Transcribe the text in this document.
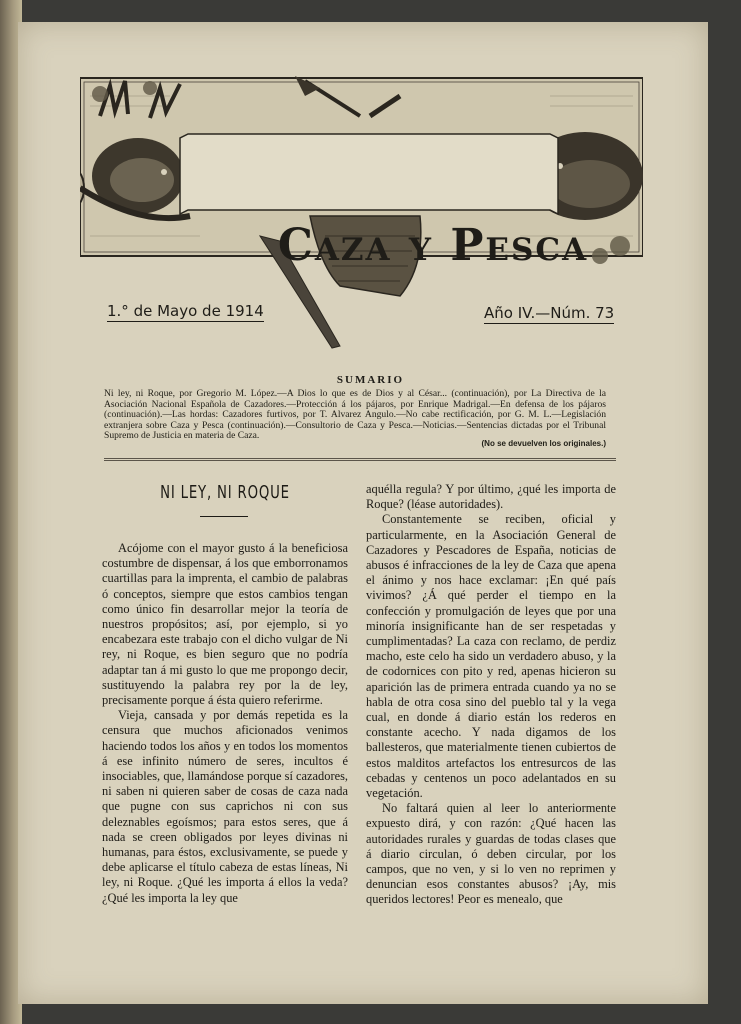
Caza y Pesca
1.° de Mayo de 1914	Año IV.—Núm. 73
SUMARIO

Ni ley, ni Roque, por Gregorio M. López.—A Dios lo que es de Dios y al César... (continuación), por La Directiva de la Asociación Nacional Española de Cazadores.—Protección á los pájaros, por Enrique Madrigal.—En defensa de los pájaros (continuación).—Las hordas: Cazadores furtivos, por T. Alvarez Angulo.—No cabe rectificación, por G. M. L.—Legislación extranjera sobre Caza y Pesca (continuación).—Consultorio de Caza y Pesca.—Noticias.—Sentencias dictadas por el Tribunal Supremo de Justicia en materia de Caza.

(No se devuelven los originales.)
NI LEY, NI ROQUE

Acójome con el mayor gusto á la beneficiosa costumbre de dispensar, á los que emborronamos cuartillas para la imprenta, el cambio de palabras ó conceptos, siempre que estos cambios tengan como único fin desarrollar mejor la teoría de nuestros propósitos; así, por ejemplo, si yo encabezara este trabajo con el dicho vulgar de Ni rey, ni Roque, es bien seguro que no podría adaptar tan á mi gusto lo que me propongo decir, sustituyendo la palabra rey por la de ley, precisamente porque á ésta quiero referirme.

Vieja, cansada y por demás repetida es la censura que muchos aficionados venimos haciendo todos los años y en todos los momentos á ese infinito número de seres, incultos é insociables, que, llamándose porque sí cazadores, ni saben ni quieren saber de cosas de caza nada que pugne con sus caprichos ni con sus deleznables egoísmos; para estos seres, que á nada se creen obligados por leyes divinas ni humanas, para éstos, exclusivamente, se puede y debe aplicarse el título cabeza de estas líneas, Ni ley, ni Roque. ¿Qué les importa á ellos la veda? ¿Qué les importa la ley que

aquélla regula? Y por último, ¿qué les importa de Roque? (léase autoridades).

Constantemente se reciben, oficial y particularmente, en la Asociación General de Cazadores y Pescadores de España, noticias de abusos é infracciones de la ley de Caza que apena el ánimo y nos hace exclamar: ¡En qué país vivimos? ¿Á qué perder el tiempo en la confección y promulgación de leyes que por una minoría insignificante han de ser respetadas y cumplimentadas? La caza con reclamo, de perdiz macho, este celo ha sido un verdadero abuso, y la de codornices con pito y red, apenas hicieron su aparición las de primera entrada cuando ya no se habla de otra cosa sino del pueblo tal y la vega cual, en donde á diario están los rederos en constante acecho. Y nada digamos de los ballesteros, que materialmente tienen cubiertos de estos malditos artefactos los entresurcos de las cebadas y centenos un poco adelantados en su vegetación.

No faltará quien al leer lo anteriormente expuesto dirá, y con razón: ¿Qué hacen las autoridades rurales y guardas de todas clases que á diario circulan, ó deben circular, por los campos, que no ven, y si lo ven no reprimen y denuncian esos constantes abusos? ¡Ay, mis queridos lectores! Peor es menealo, que
